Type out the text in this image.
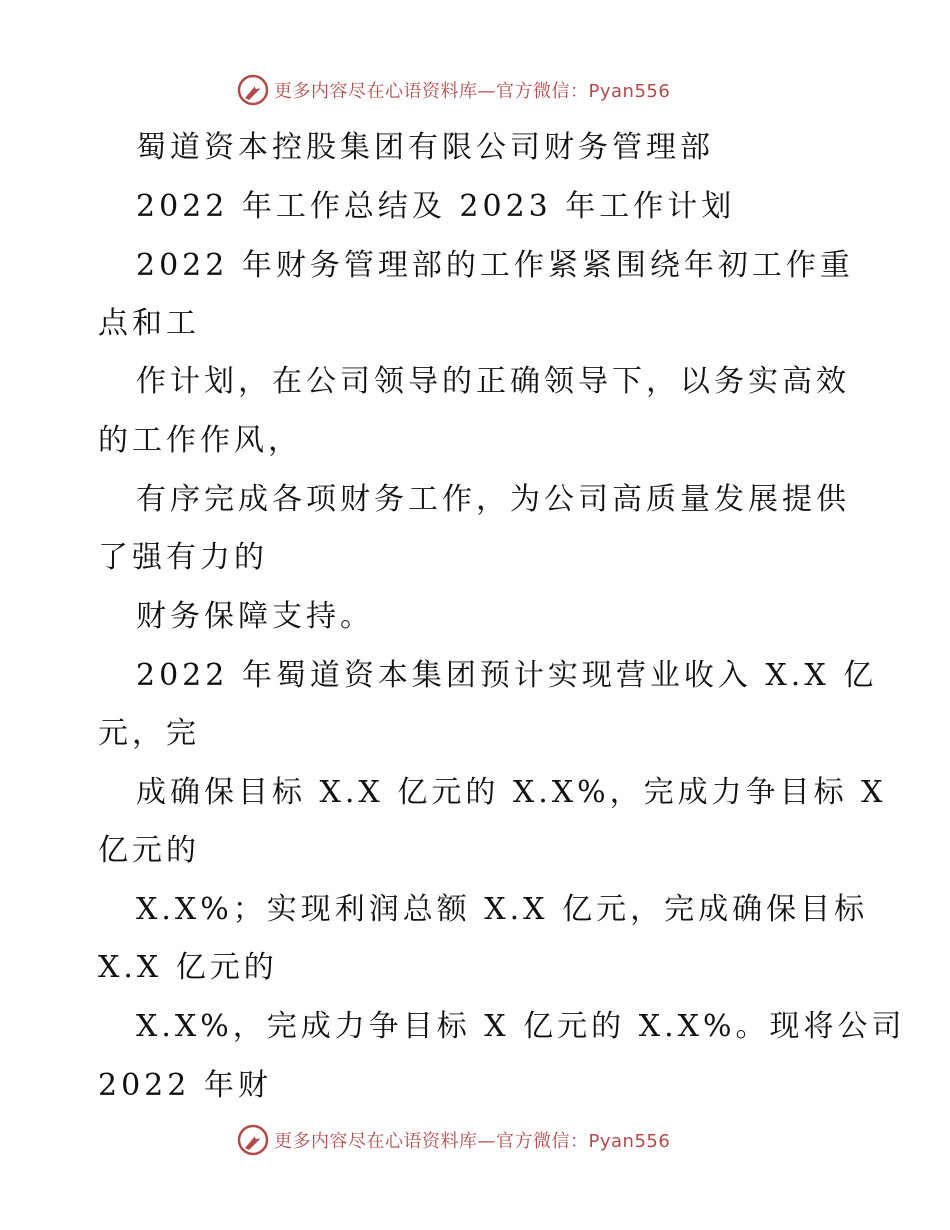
更多内容尽在心语资料库—官方微信：Pyan556
蜀道资本控股集团有限公司财务管理部
2022 年工作总结及 2023 年工作计划
2022 年财务管理部的工作紧紧围绕年初工作重
点和工
作计划，在公司领导的正确领导下，以务实高效
的工作作风，
有序完成各项财务工作，为公司高质量发展提供
了强有力的
财务保障支持。
2022 年蜀道资本集团预计实现营业收入 X.X 亿
元，完
成确保目标 X.X 亿元的 X.X%，完成力争目标 X
亿元的
X.X%；实现利润总额 X.X 亿元，完成确保目标
X.X 亿元的
X.X%，完成力争目标 X 亿元的 X.X%。现将公司
2022 年财
更多内容尽在心语资料库—官方微信：Pyan556
